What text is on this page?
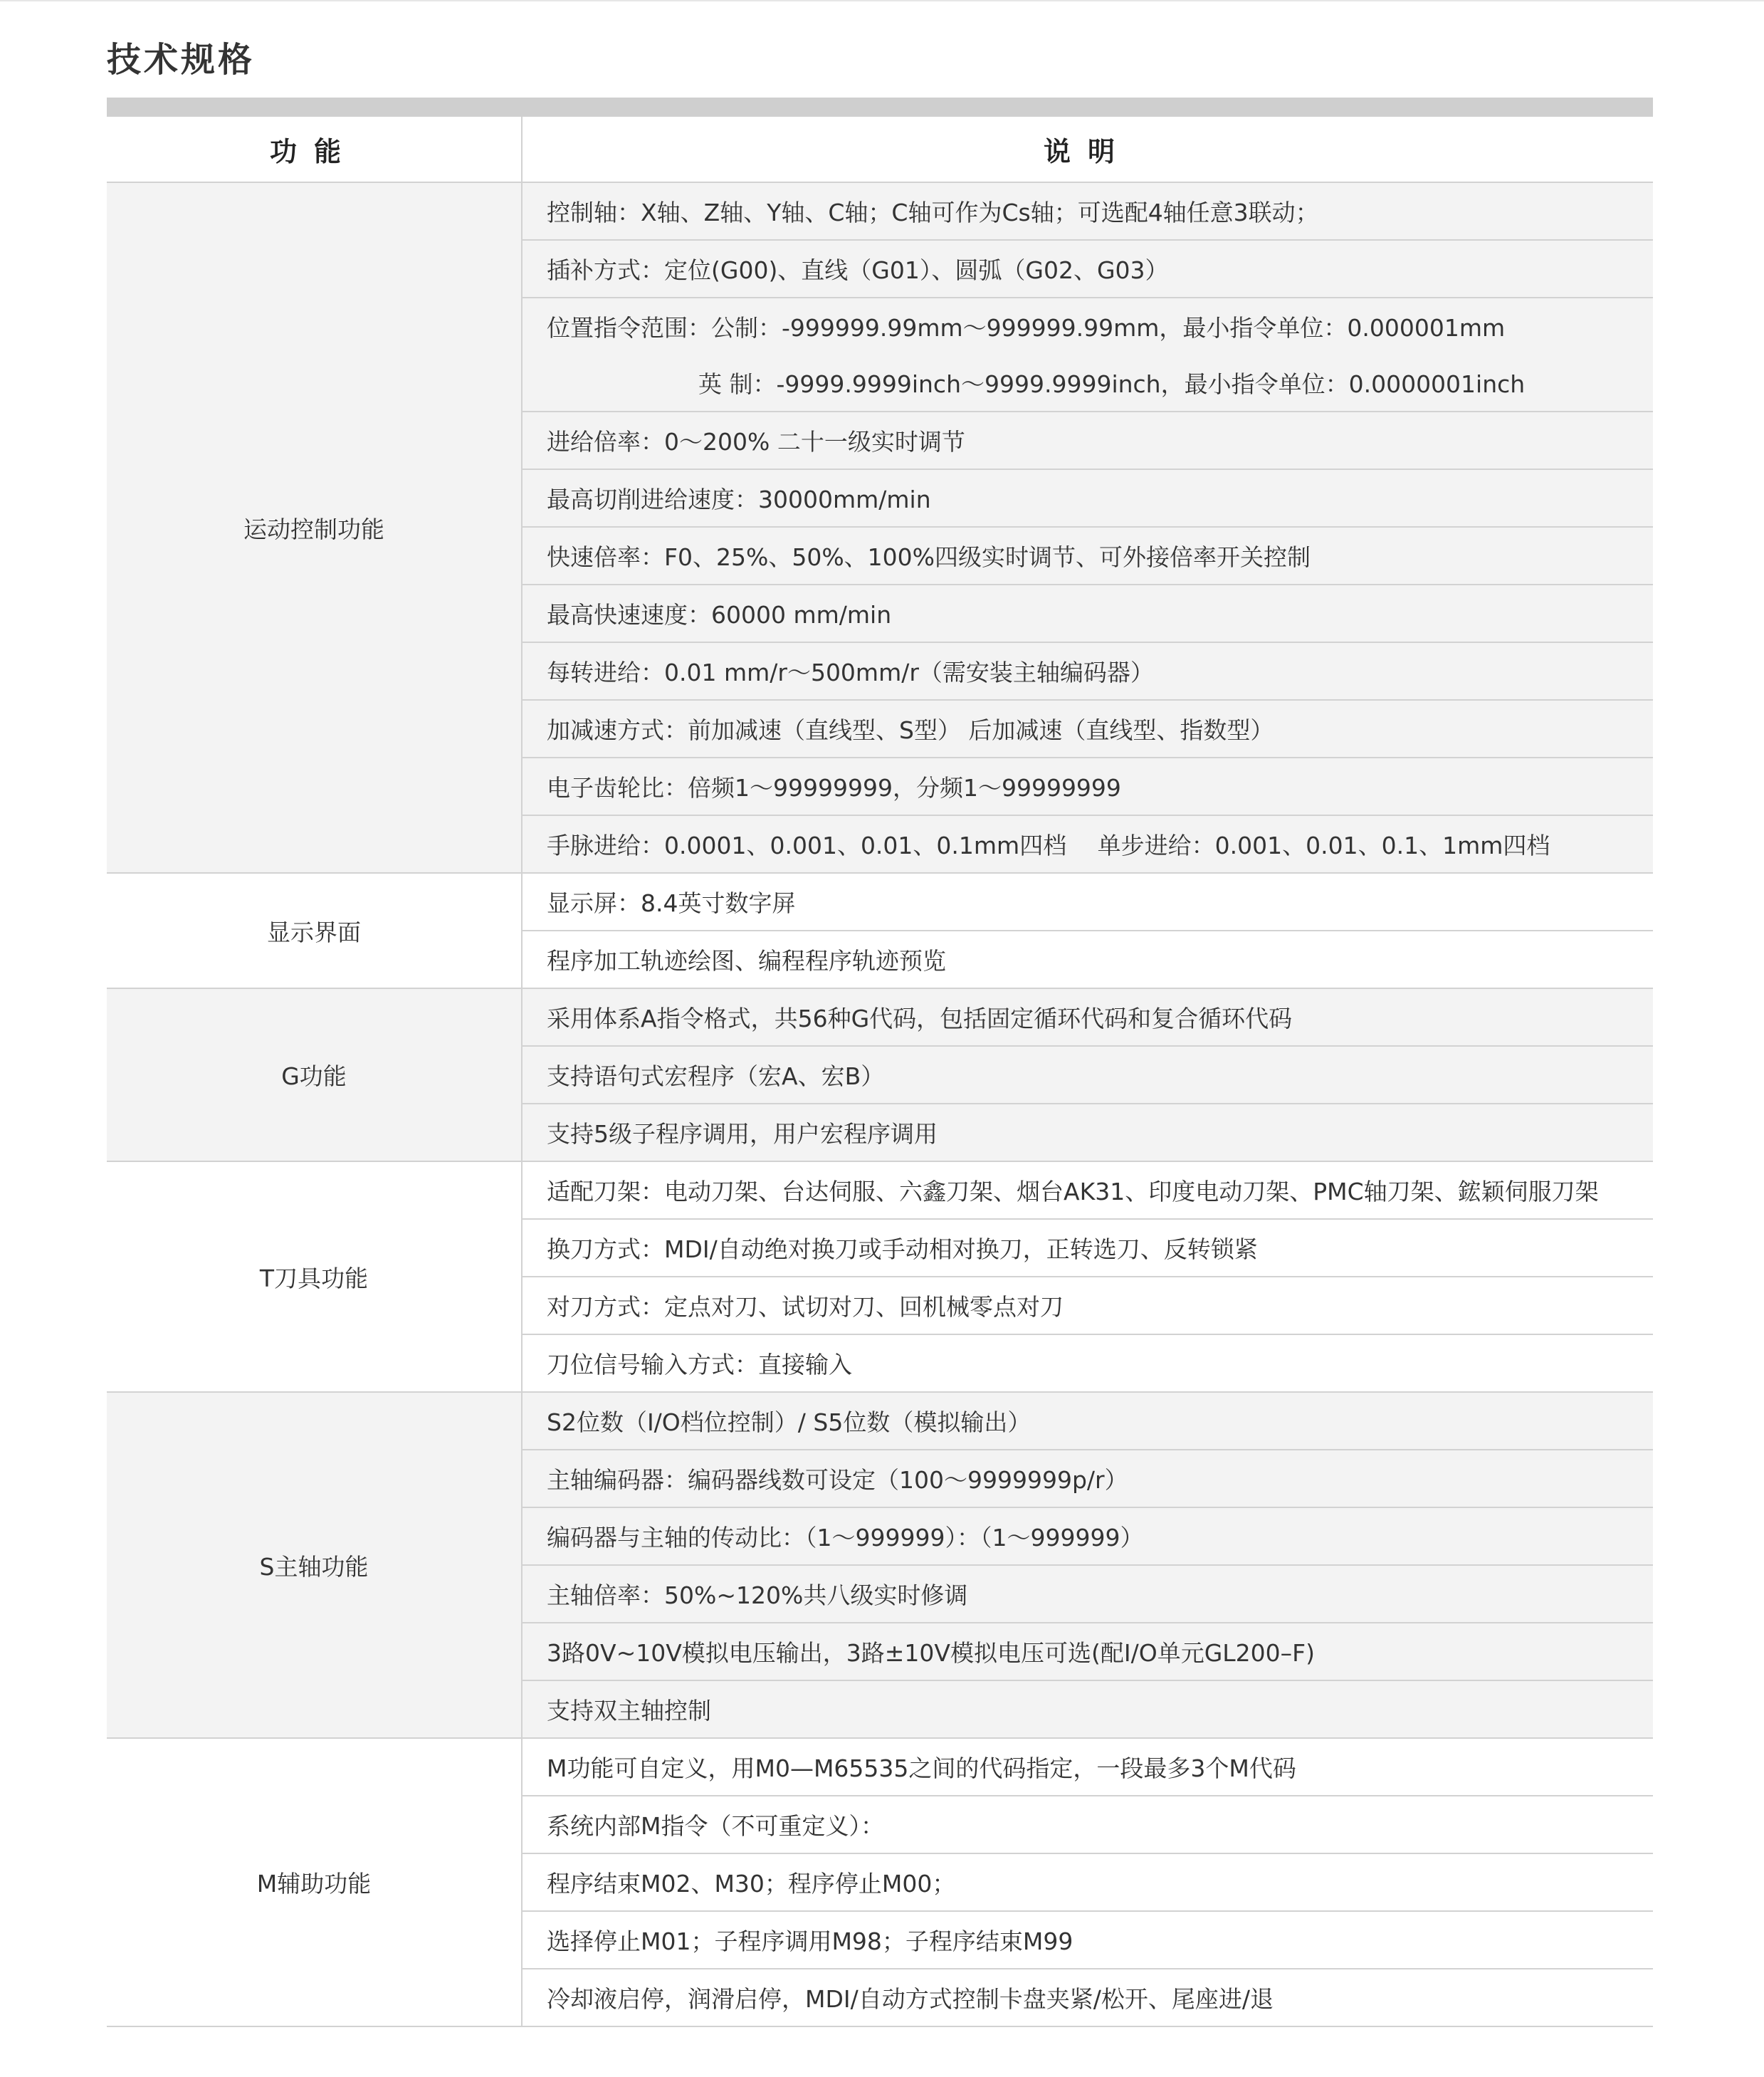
技术规格
功能	说明
运动控制功能	控制轴：X轴、Z轴、Y轴、C轴；C轴可作为Cs轴；可选配4轴任意3联动；
	插补方式：定位(G00)、直线（G01）、圆弧（G02、G03）
	位置指令范围：公制：-999999.99mm～999999.99mm，最小指令单位：0.000001mm
	英 制：-9999.9999inch～9999.9999inch，最小指令单位：0.0000001inch
	进给倍率：0～200% 二十一级实时调节
	最高切削进给速度：30000mm/min
	快速倍率：F0、25%、50%、100%四级实时调节、可外接倍率开关控制
	最高快速速度：60000 mm/min
	每转进给：0.01 mm/r～500mm/r（需安装主轴编码器）
	加减速方式：前加减速（直线型、S型） 后加减速（直线型、指数型）
	电子齿轮比：倍频1～99999999，分频1～99999999
	手脉进给：0.0001、0.001、0.01、0.1mm四档　 单步进给：0.001、0.01、0.1、1mm四档
显示界面	显示屏：8.4英寸数字屏
	程序加工轨迹绘图、编程程序轨迹预览
G功能	采用体系A指令格式，共56种G代码，包括固定循环代码和复合循环代码
	支持语句式宏程序（宏A、宏B）
	支持5级子程序调用，用户宏程序调用
T刀具功能	适配刀架：电动刀架、台达伺服、六鑫刀架、烟台AK31、印度电动刀架、PMC轴刀架、鋐颖伺服刀架
	换刀方式：MDI/自动绝对换刀或手动相对换刀，正转选刀、反转锁紧
	对刀方式：定点对刀、试切对刀、回机械零点对刀
	刀位信号输入方式：直接输入
S主轴功能	S2位数（I/O档位控制）/ S5位数（模拟输出）
	主轴编码器：编码器线数可设定（100～9999999p/r）
	编码器与主轴的传动比：（1～999999）：（1～999999）
	主轴倍率：50%~120%共八级实时修调
	3路0V~10V模拟电压输出，3路±10V模拟电压可选(配I/O单元GL200–F)
	支持双主轴控制
M辅助功能	M功能可自定义，用M0—M65535之间的代码指定，一段最多3个M代码
	系统内部M指令（不可重定义）：
	程序结束M02、M30；程序停止M00；
	选择停止M01；子程序调用M98；子程序结束M99
	冷却液启停，润滑启停，MDI/自动方式控制卡盘夹紧/松开、尾座进/退
